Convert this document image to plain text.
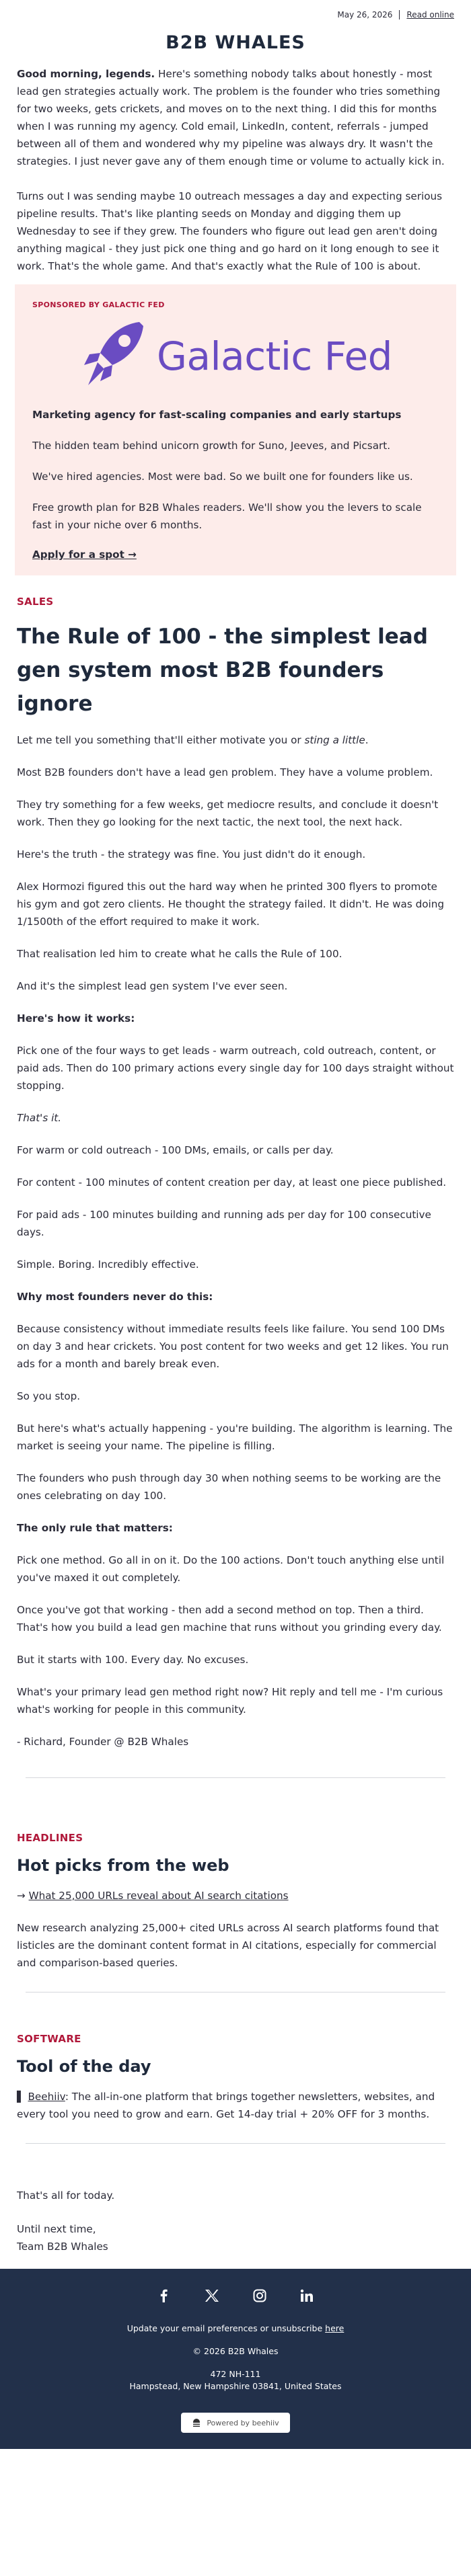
May 26, 2026 Read online
B2B WHALES

Good morning, legends. Here's something nobody talks about honestly - most lead gen strategies actually work. The problem is the founder who tries something for two weeks, gets crickets, and moves on to the next thing. I did this for months when I was running my agency. Cold email, LinkedIn, content, referrals - jumped between all of them and wondered why my pipeline was always dry. It wasn't the strategies. I just never gave any of them enough time or volume to actually kick in.

Turns out I was sending maybe 10 outreach messages a day and expecting serious pipeline results. That's like planting seeds on Monday and digging them up Wednesday to see if they grew. The founders who figure out lead gen aren't doing anything magical - they just pick one thing and go hard on it long enough to see it work. That's the whole game. And that's exactly what the Rule of 100 is about.

SPONSORED BY GALACTIC FED
Galactic Fed

Marketing agency for fast-scaling companies and early startups

The hidden team behind unicorn growth for Suno, Jeeves, and Picsart.

We've hired agencies. Most were bad. So we built one for founders like us.

Free growth plan for B2B Whales readers. We'll show you the levers to scale fast in your niche over 6 months.

Apply for a spot →
SALES
The Rule of 100 - the simplest lead gen system most B2B founders ignore

Let me tell you something that'll either motivate you or sting a little.

Most B2B founders don't have a lead gen problem. They have a volume problem.

They try something for a few weeks, get mediocre results, and conclude it doesn't work. Then they go looking for the next tactic, the next tool, the next hack.

Here's the truth - the strategy was fine. You just didn't do it enough.

Alex Hormozi figured this out the hard way when he printed 300 flyers to promote his gym and got zero clients. He thought the strategy failed. It didn't. He was doing 1/1500th of the effort required to make it work.

That realisation led him to create what he calls the Rule of 100.

And it's the simplest lead gen system I've ever seen.

Here's how it works:

Pick one of the four ways to get leads - warm outreach, cold outreach, content, or paid ads. Then do 100 primary actions every single day for 100 days straight without stopping.

That's it.

For warm or cold outreach - 100 DMs, emails, or calls per day.

For content - 100 minutes of content creation per day, at least one piece published.

For paid ads - 100 minutes building and running ads per day for 100 consecutive days.

Simple. Boring. Incredibly effective.

Why most founders never do this:

Because consistency without immediate results feels like failure. You send 100 DMs on day 3 and hear crickets. You post content for two weeks and get 12 likes. You run ads for a month and barely break even.

So you stop.

But here's what's actually happening - you're building. The algorithm is learning. The market is seeing your name. The pipeline is filling.

The founders who push through day 30 when nothing seems to be working are the ones celebrating on day 100.

The only rule that matters:

Pick one method. Go all in on it. Do the 100 actions. Don't touch anything else until you've maxed it out completely.

Once you've got that working - then add a second method on top. Then a third. That's how you build a lead gen machine that runs without you grinding every day.

But it starts with 100. Every day. No excuses.

What's your primary lead gen method right now? Hit reply and tell me - I'm curious what's working for people in this community.

- Richard, Founder @ B2B Whales

HEADLINES
Hot picks from the web

→ What 25,000 URLs reveal about AI search citations

New research analyzing 25,000+ cited URLs across AI search platforms found that listicles are the dominant content format in AI citations, especially for commercial and comparison-based queries.

SOFTWARE
Tool of the day

▌ Beehiiv: The all-in-one platform that brings together newsletters, websites, and every tool you need to grow and earn. Get 14-day trial + 20% OFF for 3 months.

That's all for today.

Until next time,
Team B2B Whales

Update your email preferences or unsubscribe here

© 2026 B2B Whales

472 NH-111
Hampstead, New Hampshire 03841, United States

Powered by beehiiv
